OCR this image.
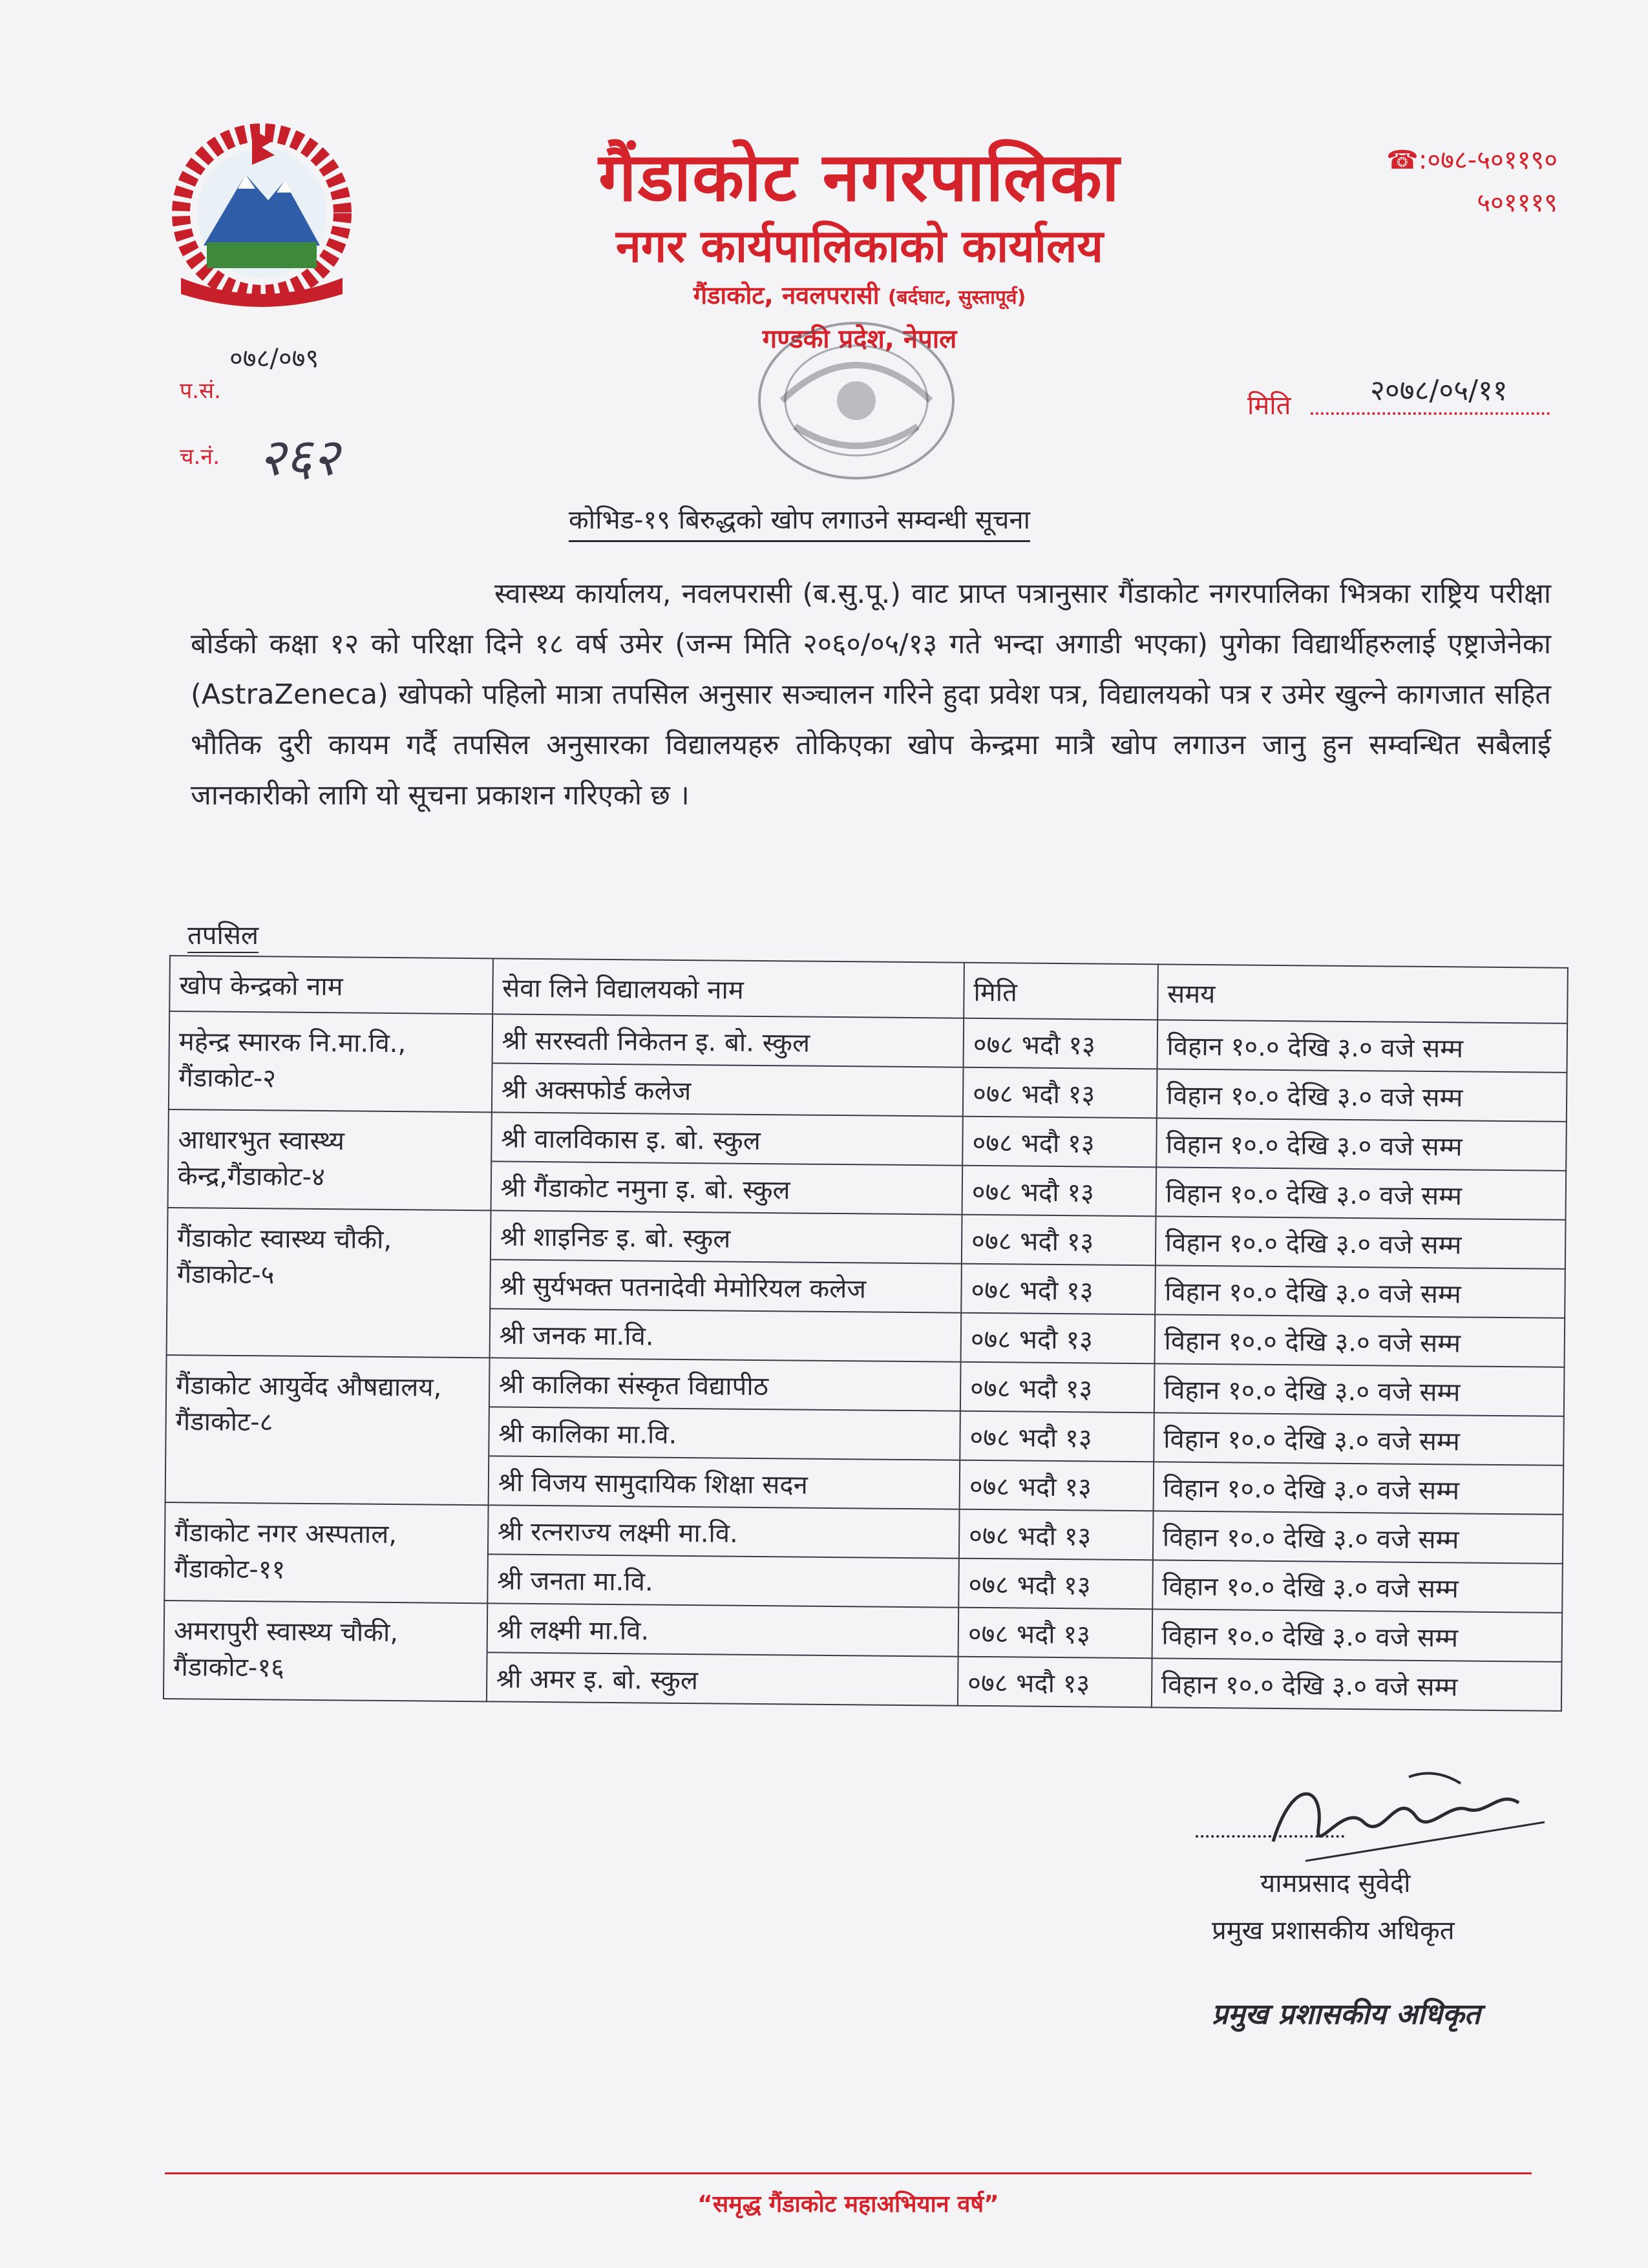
गैंडाकोट नगरपालिका
नगर कार्यपालिकाको कार्यालय
गैंडाकोट, नवलपरासी (बर्दघाट, सुस्तापूर्व)
गण्डकी प्रदेश, नेपाल
☎:०७८-५०११९०
५०१११९
०७८/०७९
प.सं.
च.नं. २६२
मिति	२०७८/०५/११
कोभिड-१९ बिरुद्धको खोप लगाउने सम्वन्धी सूचना
स्वास्थ्य कार्यालय, नवलपरासी (ब.सु.पू.) वाट प्राप्त पत्रानुसार गैंडाकोट नगरपालिका भित्रका राष्ट्रिय परीक्षा बोर्डको कक्षा १२ को परिक्षा दिने १८ वर्ष उमेर (जन्म मिति २०६०/०५/१३ गते भन्दा अगाडी भएका) पुगेका विद्यार्थीहरुलाई एष्ट्राजेनेका (AstraZeneca) खोपको पहिलो मात्रा तपसिल अनुसार सञ्चालन गरिने हुदा प्रवेश पत्र, विद्यालयको पत्र र उमेर खुल्ने कागजात सहित भौतिक दुरी कायम गर्दै तपसिल अनुसारका विद्यालयहरु तोकिएका खोप केन्द्रमा मात्रै खोप लगाउन जानु हुन सम्वन्धित सबैलाई जानकारीको लागि यो सूचना प्रकाशन गरिएको छ ।
तपसिल
खोप केन्द्रको नाम	सेवा लिने विद्यालयको नाम	मिति	समय
महेन्द्र स्मारक नि.मा.वि., गैंडाकोट-२	श्री सरस्वती निकेतन इ. बो. स्कुल	०७८ भदौ १३	विहान १०.० देखि ३.० वजे सम्म
	श्री अक्सफोर्ड कलेज	०७८ भदौ १३	विहान १०.० देखि ३.० वजे सम्म
आधारभुत स्वास्थ्य केन्द्र,गैंडाकोट-४	श्री वालविकास इ. बो. स्कुल	०७८ भदौ १३	विहान १०.० देखि ३.० वजे सम्म
	श्री गैंडाकोट नमुना इ. बो. स्कुल	०७८ भदौ १३	विहान १०.० देखि ३.० वजे सम्म
गैंडाकोट स्वास्थ्य चौकी, गैंडाकोट-५	श्री शाइनिङ इ. बो. स्कुल	०७८ भदौ १३	विहान १०.० देखि ३.० वजे सम्म
	श्री सुर्यभक्त पतनादेवी मेमोरियल कलेज	०७८ भदौ १३	विहान १०.० देखि ३.० वजे सम्म
	श्री जनक मा.वि.	०७८ भदौ १३	विहान १०.० देखि ३.० वजे सम्म
गैंडाकोट आयुर्वेद औषद्यालय, गैंडाकोट-८	श्री कालिका संस्कृत विद्यापीठ	०७८ भदौ १३	विहान १०.० देखि ३.० वजे सम्म
	श्री कालिका मा.वि.	०७८ भदौ १३	विहान १०.० देखि ३.० वजे सम्म
	श्री विजय सामुदायिक शिक्षा सदन	०७८ भदौ १३	विहान १०.० देखि ३.० वजे सम्म
गैंडाकोट नगर अस्पताल, गैंडाकोट-११	श्री रत्नराज्य लक्ष्मी मा.वि.	०७८ भदौ १३	विहान १०.० देखि ३.० वजे सम्म
	श्री जनता मा.वि.	०७८ भदौ १३	विहान १०.० देखि ३.० वजे सम्म
अमरापुरी स्वास्थ्य चौकी, गैंडाकोट-१६	श्री लक्ष्मी मा.वि.	०७८ भदौ १३	विहान १०.० देखि ३.० वजे सम्म
	श्री अमर इ. बो. स्कुल	०७८ भदौ १३	विहान १०.० देखि ३.० वजे सम्म
यामप्रसाद सुवेदी
प्रमुख प्रशासकीय अधिकृत
प्रमुख प्रशासकीय अधिकृत
“समृद्ध गैंडाकोट महाअभियान वर्ष”
